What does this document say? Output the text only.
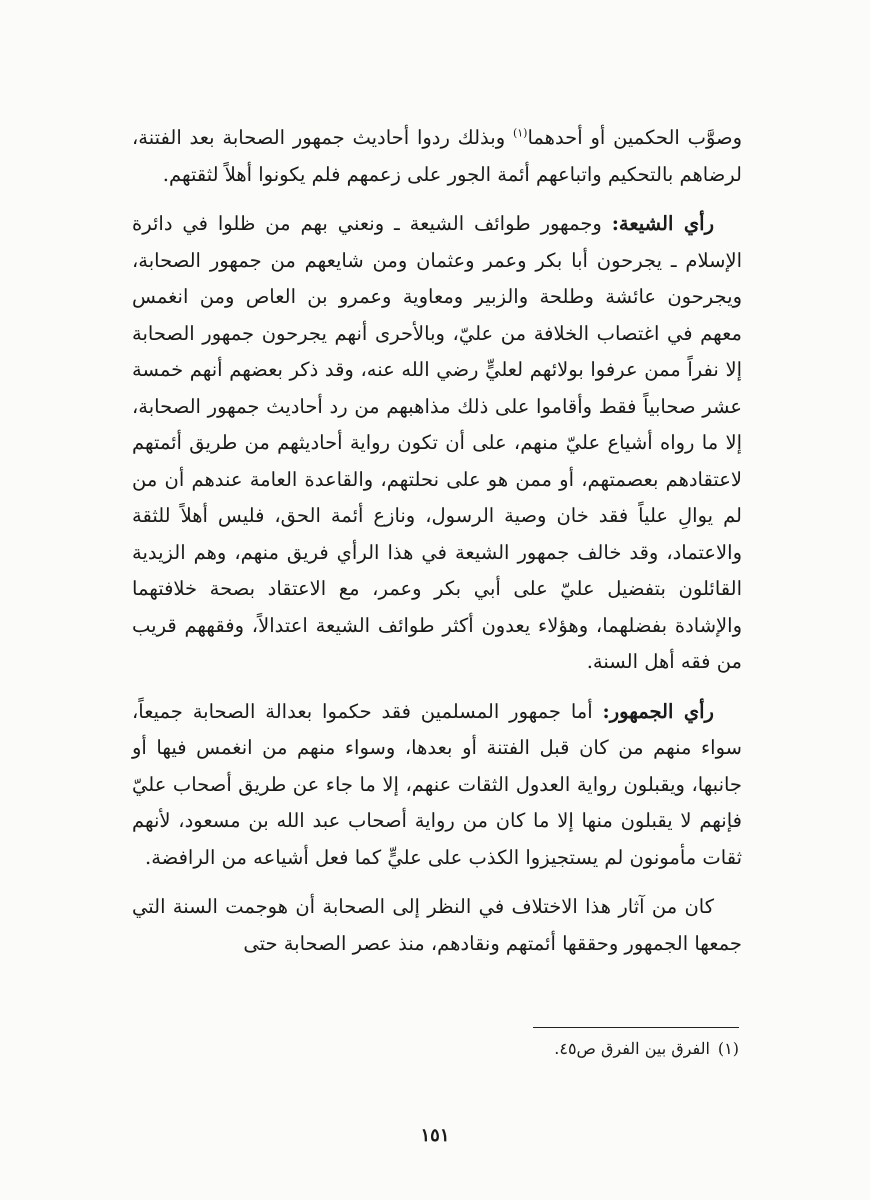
وصوَّب الحكمين أو أحدهما$^{(١)}$ وبذلك ردوا أحاديث جمهور الصحابة بعد الفتنة، لرضاهم بالتحكيم واتباعهم أئمة الجور على زعمهم فلم يكونوا أهلاً لثقتهم.

رأي الشيعة: وجمهور طوائف الشيعة ـ ونعني بهم من ظلوا في دائرة الإسلام ـ يجرحون أبا بكر وعمر وعثمان ومن شايعهم من جمهور الصحابة، ويجرحون عائشة وطلحة والزبير ومعاوية وعمرو بن العاص ومن انغمس معهم في اغتصاب الخلافة من عليّ، وبالأحرى أنهم يجرحون جمهور الصحابة إلا نفراً ممن عرفوا بولائهم لعليٍّ رضي الله عنه، وقد ذكر بعضهم أنهم خمسة عشر صحابياً فقط وأقاموا على ذلك مذاهبهم من رد أحاديث جمهور الصحابة، إلا ما رواه أشياع عليّ منهم، على أن تكون رواية أحاديثهم من طريق أئمتهم لاعتقادهم بعصمتهم، أو ممن هو على نحلتهم، والقاعدة العامة عندهم أن من لم يوالِ علياً فقد خان وصية الرسول، ونازع أئمة الحق، فليس أهلاً للثقة والاعتماد، وقد خالف جمهور الشيعة في هذا الرأي فريق منهم، وهم الزيدية القائلون بتفضيل عليّ على أبي بكر وعمر، مع الاعتقاد بصحة خلافتهما والإشادة بفضلهما، وهؤلاء يعدون أكثر طوائف الشيعة اعتدالاً، وفقههم قريب من فقه أهل السنة.

رأي الجمهور: أما جمهور المسلمين فقد حكموا بعدالة الصحابة جميعاً، سواء منهم من كان قبل الفتنة أو بعدها، وسواء منهم من انغمس فيها أو جانبها، ويقبلون رواية العدول الثقات عنهم، إلا ما جاء عن طريق أصحاب عليّ فإنهم لا يقبلون منها إلا ما كان من رواية أصحاب عبد الله بن مسعود، لأنهم ثقات مأمونون لم يستجيزوا الكذب على عليٍّ كما فعل أشياعه من الرافضة.

كان من آثار هذا الاختلاف في النظر إلى الصحابة أن هوجمت السنة التي جمعها الجمهور وحققها أئمتهم ونقادهم، منذ عصر الصحابة حتى

(١)الفرق بين الفرق ص٤٥.
١٥١
